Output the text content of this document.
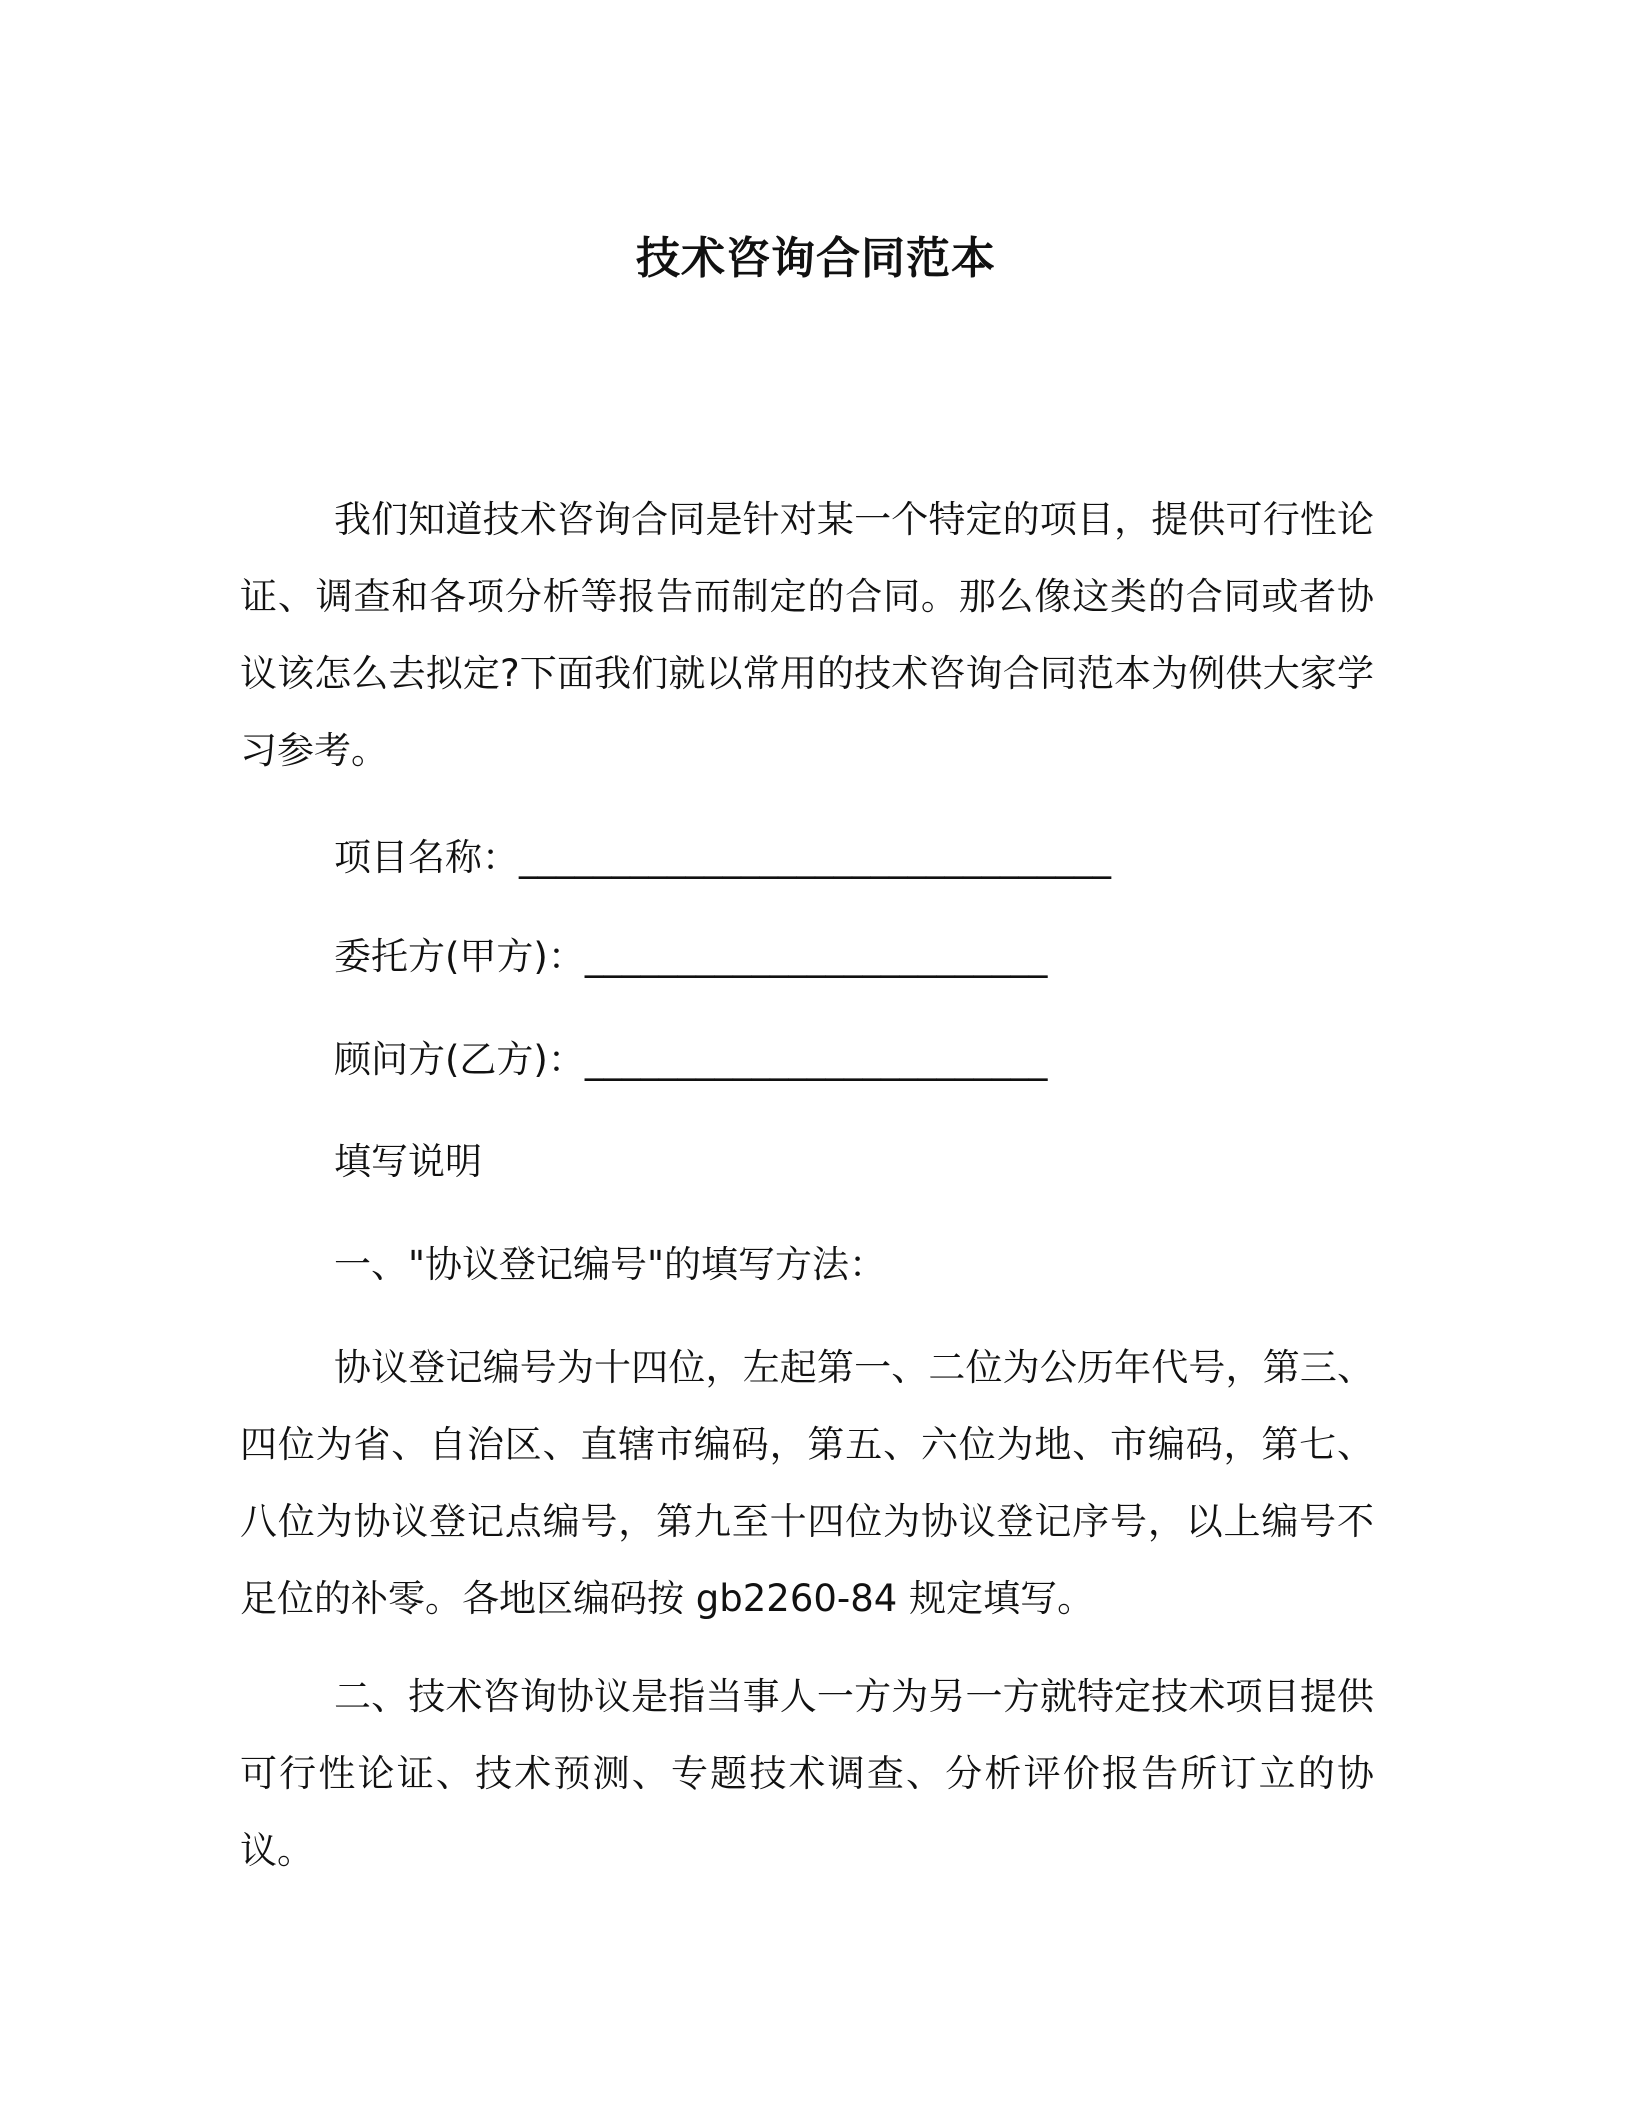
技术咨询合同范本

我们知道技术咨询合同是针对某一个特定的项目，提供可行性论证、调查和各项分析等报告而制定的合同。那么像这类的合同或者协议该怎么去拟定?下面我们就以常用的技术咨询合同范本为例供大家学习参考。

项目名称：________________________________

委托方(甲方)：_________________________

顾问方(乙方)：_________________________

填写说明

一、"协议登记编号"的填写方法：

协议登记编号为十四位，左起第一、二位为公历年代号，第三、四位为省、自治区、直辖市编码，第五、六位为地、市编码，第七、八位为协议登记点编号，第九至十四位为协议登记序号，以上编号不足位的补零。各地区编码按 gb2260-84 规定填写。

二、技术咨询协议是指当事人一方为另一方就特定技术项目提供可行性论证、技术预测、专题技术调查、分析评价报告所订立的协议。
